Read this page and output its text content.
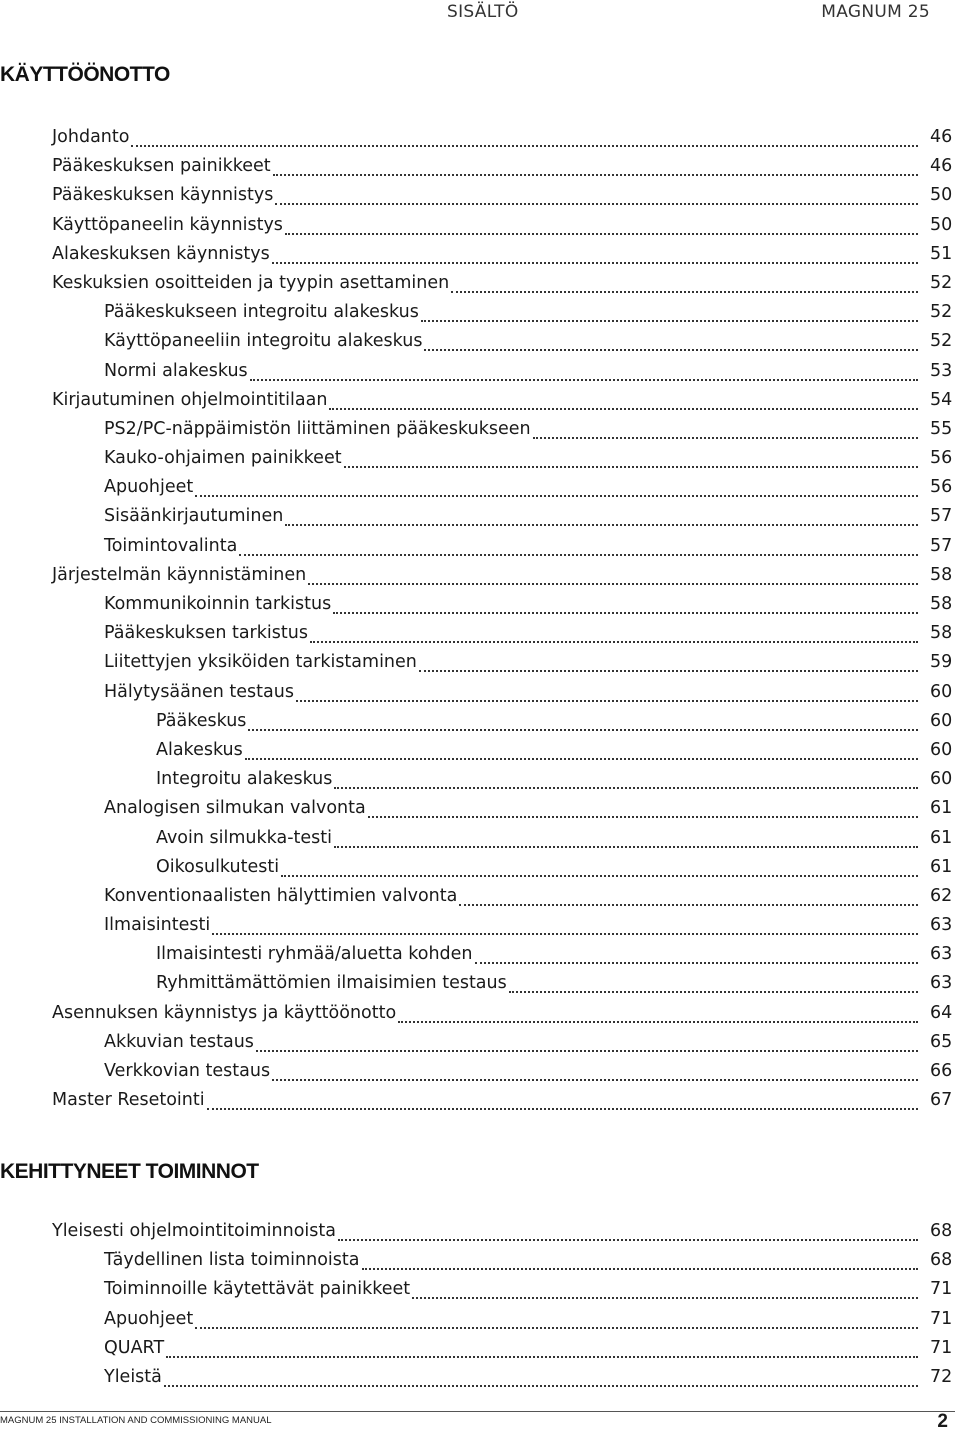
SISÄLTÖ	MAGNUM 25
KÄYTTÖÖNOTTO
Johdanto	46
Pääkeskuksen painikkeet	46
Pääkeskuksen käynnistys	50
Käyttöpaneelin käynnistys	50
Alakeskuksen käynnistys	51
Keskuksien osoitteiden ja tyypin asettaminen	52
Pääkeskukseen integroitu alakeskus	52
Käyttöpaneeliin integroitu alakeskus	52
Normi alakeskus	53
Kirjautuminen ohjelmointitilaan	54
PS2/PC-näppäimistön liittäminen pääkeskukseen	55
Kauko-ohjaimen painikkeet	56
Apuohjeet	56
Sisäänkirjautuminen	57
Toimintovalinta	57
Järjestelmän käynnistäminen	58
Kommunikoinnin tarkistus	58
Pääkeskuksen tarkistus	58
Liitettyjen yksiköiden tarkistaminen	59
Hälytysäänen testaus	60
Pääkeskus	60
Alakeskus	60
Integroitu alakeskus	60
Analogisen silmukan valvonta	61
Avoin silmukka-testi	61
Oikosulkutesti	61
Konventionaalisten hälyttimien valvonta	62
Ilmaisintesti	63
Ilmaisintesti ryhmää/aluetta kohden	63
Ryhmittämättömien ilmaisimien testaus	63
Asennuksen käynnistys ja käyttöönotto	64
Akkuvian testaus	65
Verkkovian testaus	66
Master Resetointi	67
KEHITTYNEET TOIMINNOT
Yleisesti ohjelmointitoiminnoista	68
Täydellinen lista toiminnoista	68
Toiminnoille käytettävät painikkeet	71
Apuohjeet	71
QUART	71
Yleistä	72
MAGNUM 25 INSTALLATION AND COMMISSIONING MANUAL	2
